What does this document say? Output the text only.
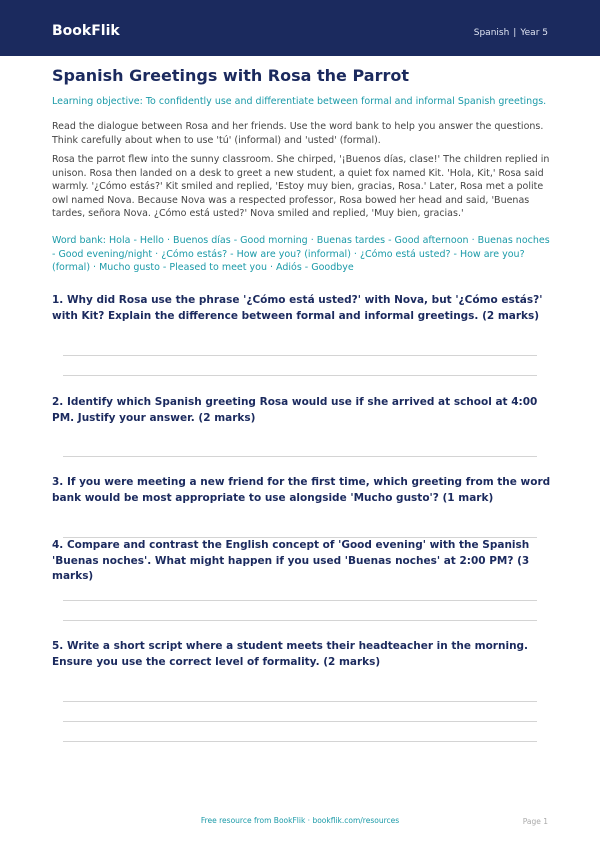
BookFlik	Spanish | Year 5
Spanish Greetings with Rosa the Parrot
Learning objective: To confidently use and differentiate between formal and informal Spanish greetings.
Read the dialogue between Rosa and her friends. Use the word bank to help you answer the questions. Think carefully about when to use 'tú' (informal) and 'usted' (formal).
Rosa the parrot flew into the sunny classroom. She chirped, '¡Buenos días, clase!' The children replied in unison. Rosa then landed on a desk to greet a new student, a quiet fox named Kit. 'Hola, Kit,' Rosa said warmly. '¿Cómo estás?' Kit smiled and replied, 'Estoy muy bien, gracias, Rosa.' Later, Rosa met a polite owl named Nova. Because Nova was a respected professor, Rosa bowed her head and said, 'Buenas tardes, señora Nova. ¿Cómo está usted?' Nova smiled and replied, 'Muy bien, gracias.'
Word bank: Hola - Hello · Buenos días - Good morning · Buenas tardes - Good afternoon · Buenas noches - Good evening/night · ¿Cómo estás? - How are you? (informal) · ¿Cómo está usted? - How are you? (formal) · Mucho gusto - Pleased to meet you · Adiós - Goodbye
1. Why did Rosa use the phrase '¿Cómo está usted?' with Nova, but '¿Cómo estás?' with Kit? Explain the difference between formal and informal greetings. (2 marks)
2. Identify which Spanish greeting Rosa would use if she arrived at school at 4:00 PM. Justify your answer. (2 marks)
3. If you were meeting a new friend for the first time, which greeting from the word bank would be most appropriate to use alongside 'Mucho gusto'? (1 mark)
4. Compare and contrast the English concept of 'Good evening' with the Spanish 'Buenas noches'. What might happen if you used 'Buenas noches' at 2:00 PM? (3 marks)
5. Write a short script where a student meets their headteacher in the morning. Ensure you use the correct level of formality. (2 marks)
Free resource from BookFlik · bookflik.com/resources	Page 1
